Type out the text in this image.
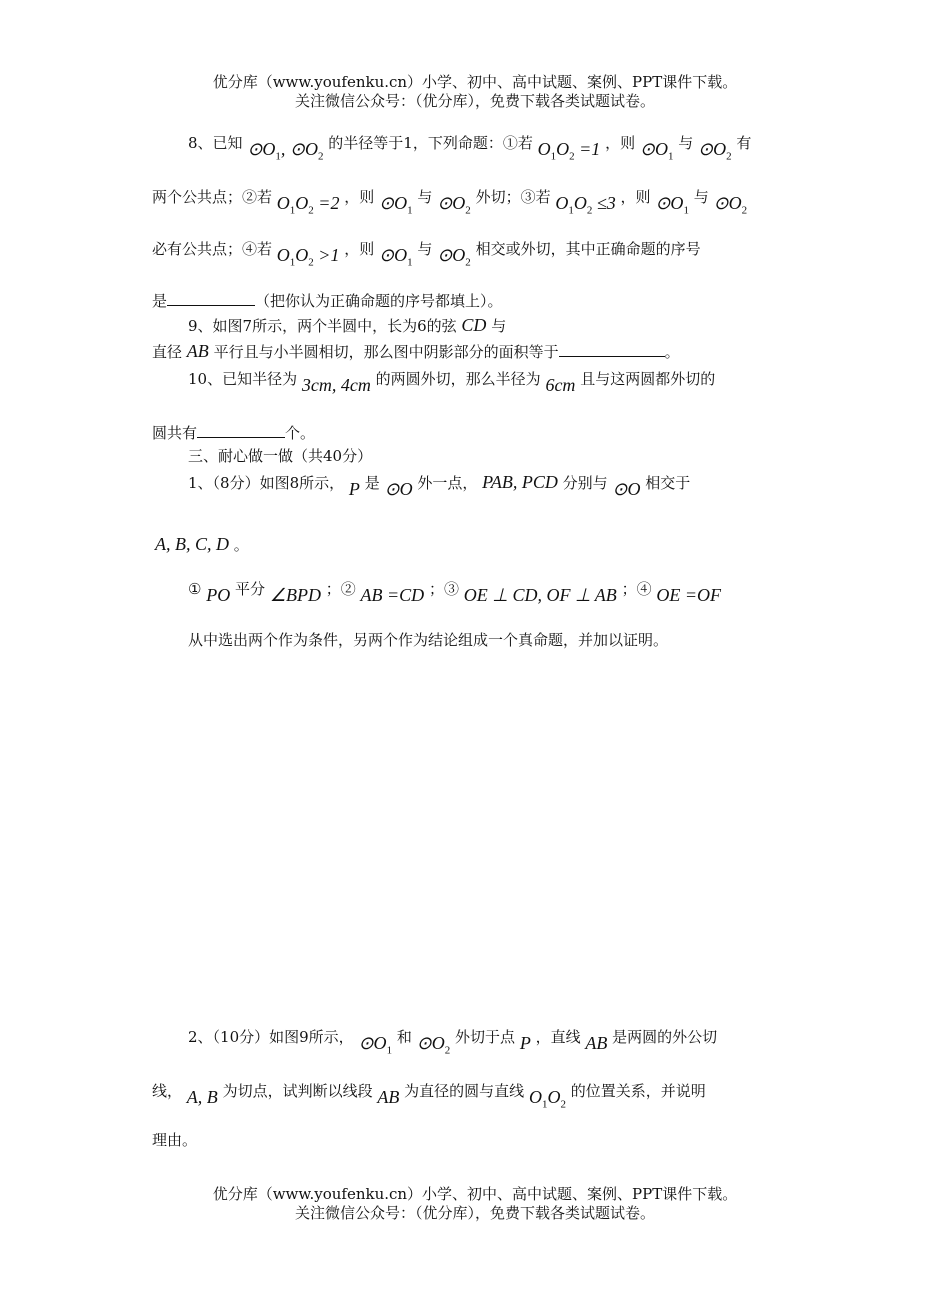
优分库（www.youfenku.cn）小学、初中、高中试题、案例、PPT课件下载。
关注微信公众号：（优分库），免费下载各类试题试卷。
8、已知 $⊙O_1$, $⊙O_2$ 的半径等于1，下列命题：①若 $O_1O_2 =1$ ，则 $⊙O_1$ 与 $⊙O_2$ 有
两个公共点；②若 $O_1O_2 =2$ ，则 $⊙O_1$ 与 $⊙O_2$ 外切；③若 $O_1O_2 \le 3$ ，则 $⊙O_1$ 与 $⊙O_2$
必有公共点；④若 $O_1O_2 >1$ ，则 $⊙O_1$ 与 $⊙O_2$ 相交或外切，其中正确命题的序号
是	（把你认为正确命题的序号都填上）。
9、如图7所示，两个半圆中，长为6的弦 CD 与
直径 AB 平行且与小半圆相切，那么图中阴影部分的面积等于	。
10、已知半径为 3cm, 4cm 的两圆外切，那么半径为 6cm 且与这两圆都外切的
圆共有	个。
三、耐心做一做（共40分）
1、（8分）如图8所示， P 是 ⊙O 外一点， PAB, PCD 分别与 ⊙O 相交于
A, B, C, D 。
① PO 平分 ∠BPD ；② AB =CD ；③ OE ⊥ CD, OF ⊥ AB ；④ OE =OF
从中选出两个作为条件，另两个作为结论组成一个真命题，并加以证明。
2、（10分）如图9所示， $⊙O_1$ 和 $⊙O_2$ 外切于点 P ，直线 AB 是两圆的外公切
线， A, B 为切点，试判断以线段 AB 为直径的圆与直线 $O_1O_2$ 的位置关系，并说明
理由。
优分库（www.youfenku.cn）小学、初中、高中试题、案例、PPT课件下载。
关注微信公众号：（优分库），免费下载各类试题试卷。
